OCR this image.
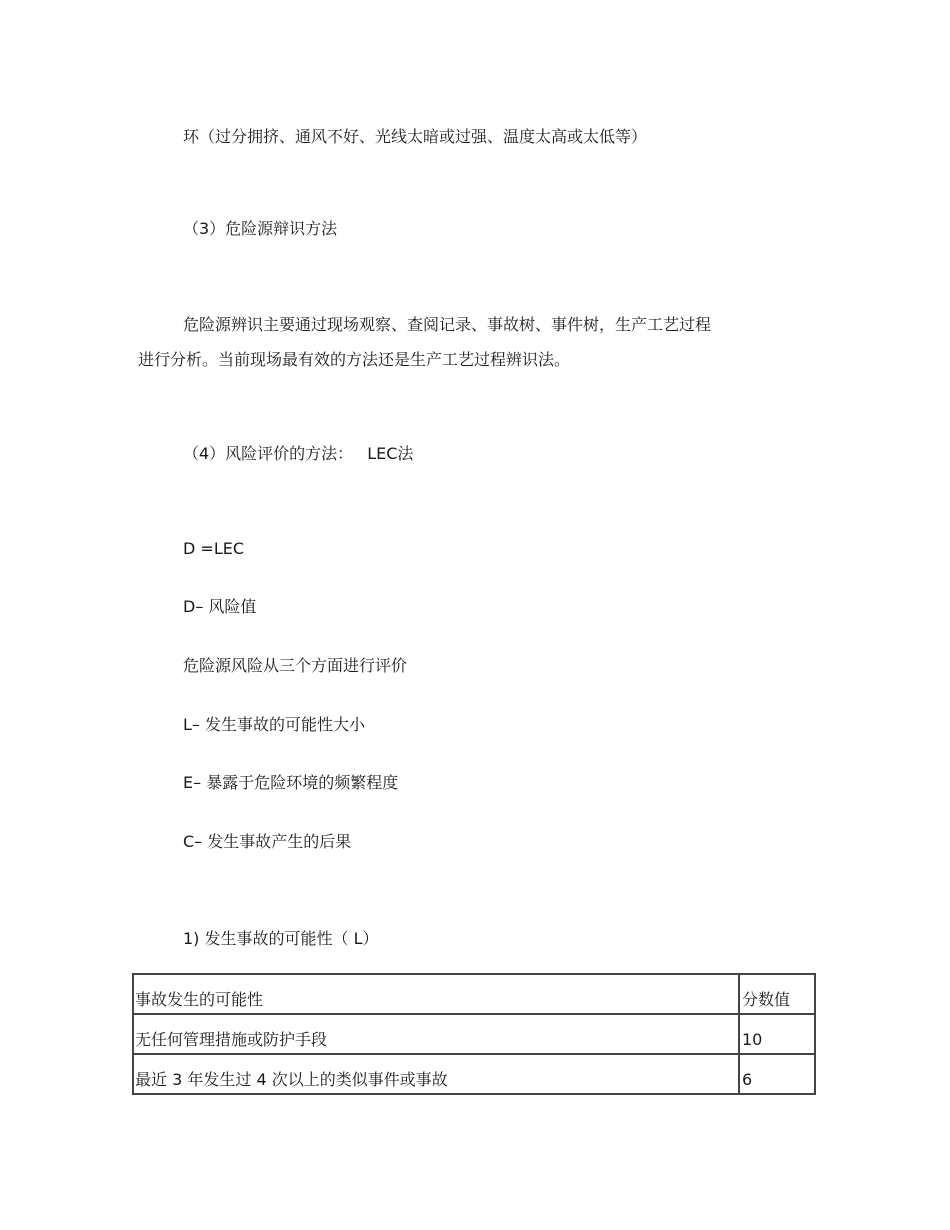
环（过分拥挤、通风不好、光线太暗或过强、温度太高或太低等）
（3）危险源辩识方法
危险源辨识主要通过现场观察、查阅记录、事故树、事件树，生产工艺过程
进行分析。当前现场最有效的方法还是生产工艺过程辨识法。
（4）风险评价的方法： LEC法
D =LEC
D– 风险值
危险源风险从三个方面进行评价
L– 发生事故的可能性大小
E– 暴露于危险环境的频繁程度
C– 发生事故产生的后果
1) 发生事故的可能性（ L）
事故发生的可能性	分数值
无任何管理措施或防护手段	10
最近 3 年发生过 4 次以上的类似事件或事故	6
